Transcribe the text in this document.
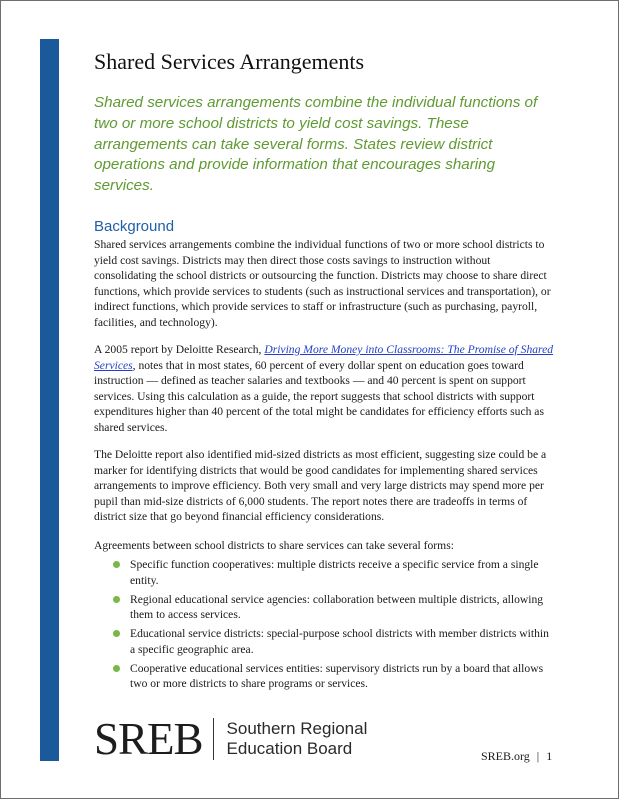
Shared Services Arrangements

Shared services arrangements combine the individual functions of two or more school districts to yield cost savings. These arrangements can take several forms. States review district operations and provide information that encourages sharing services.

Background

Shared services arrangements combine the individual functions of two or more school districts to yield cost savings. Districts may then direct those costs savings to instruction without consolidating the school districts or outsourcing the function. Districts may choose to share direct functions, which provide services to students (such as instructional services and transportation), or indirect functions, which provide services to staff or infrastructure (such as purchasing, payroll, facilities, and technology).

A 2005 report by Deloitte Research, Driving More Money into Classrooms: The Promise of Shared Services, notes that in most states, 60 percent of every dollar spent on education goes toward instruction — defined as teacher salaries and textbooks — and 40 percent is spent on support services. Using this calculation as a guide, the report suggests that school districts with support expenditures higher than 40 percent of the total might be candidates for efficiency efforts such as shared services.

The Deloitte report also identified mid-sized districts as most efficient, suggesting size could be a marker for identifying districts that would be good candidates for implementing shared services arrangements to improve efficiency. Both very small and very large districts may spend more per pupil than mid-size districts of 6,000 students. The report notes there are tradeoffs in terms of district size that go beyond financial efficiency considerations.

Agreements between school districts to share services can take several forms:

Specific function cooperatives: multiple districts receive a specific service from a single entity.
Regional educational service agencies: collaboration between multiple districts, allowing them to access services.
Educational service districts: special-purpose school districts with member districts within a specific geographic area.
Cooperative educational services entities: supervisory districts run by a board that allows two or more districts to share programs or services.
SREB Southern Regional
Education Board	SREB.org | 1
